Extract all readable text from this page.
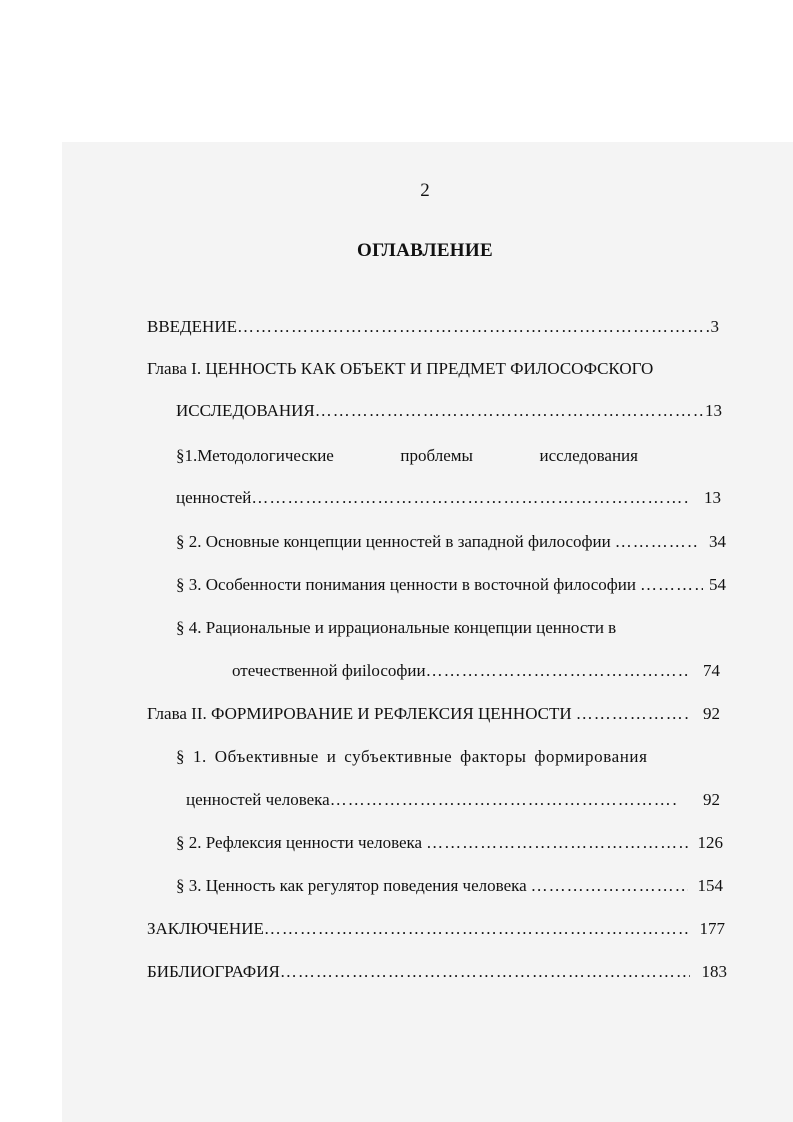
2
ОГЛАВЛЕНИЕ
ВВЕДЕНИЕ …………………………………………………………………………………………………………………………………………	3
Глава I. ЦЕННОСТЬ КАК ОБЪЕКТ И ПРЕДМЕТ ФИЛОСОФСКОГО
ИССЛЕДОВАНИЯ …………………………………………………………………………………………………………………………………………	13
§1.Методологические	проблемы	исследования
ценностей …………………………………………………………………………………………………………………………………………	13
§ 2. Основные концепции ценностей в западной философии …………………………………………………………………………………………………………………………………………	34
§ 3. Особенности понимания ценности в восточной философии …………………………………………………………………………………………………………………………………………	54
§ 4. Рациональные и иррациональные концепции ценности в
отечественной фиilософии …………………………………………………………………………………………………………………………………………	74
Глава II. ФОРМИРОВАНИЕ И РЕФЛЕКСИЯ ЦЕННОСТИ …………………………………………………………………………………………………………………………………………	92
§ 1. Объективные и субъективные факторы формирования
ценностей человека …………………………………………………………………………………………………………………………………………	92
§ 2. Рефлексия ценности человека …………………………………………………………………………………………………………………………………………	126
§ 3. Ценность как регулятор поведения человека …………………………………………………………………………………………………………………………………………	154
ЗАКЛЮЧЕНИЕ …………………………………………………………………………………………………………………………………………	177
БИБЛИОГРАФИЯ …………………………………………………………………………………………………………………………………………	183
